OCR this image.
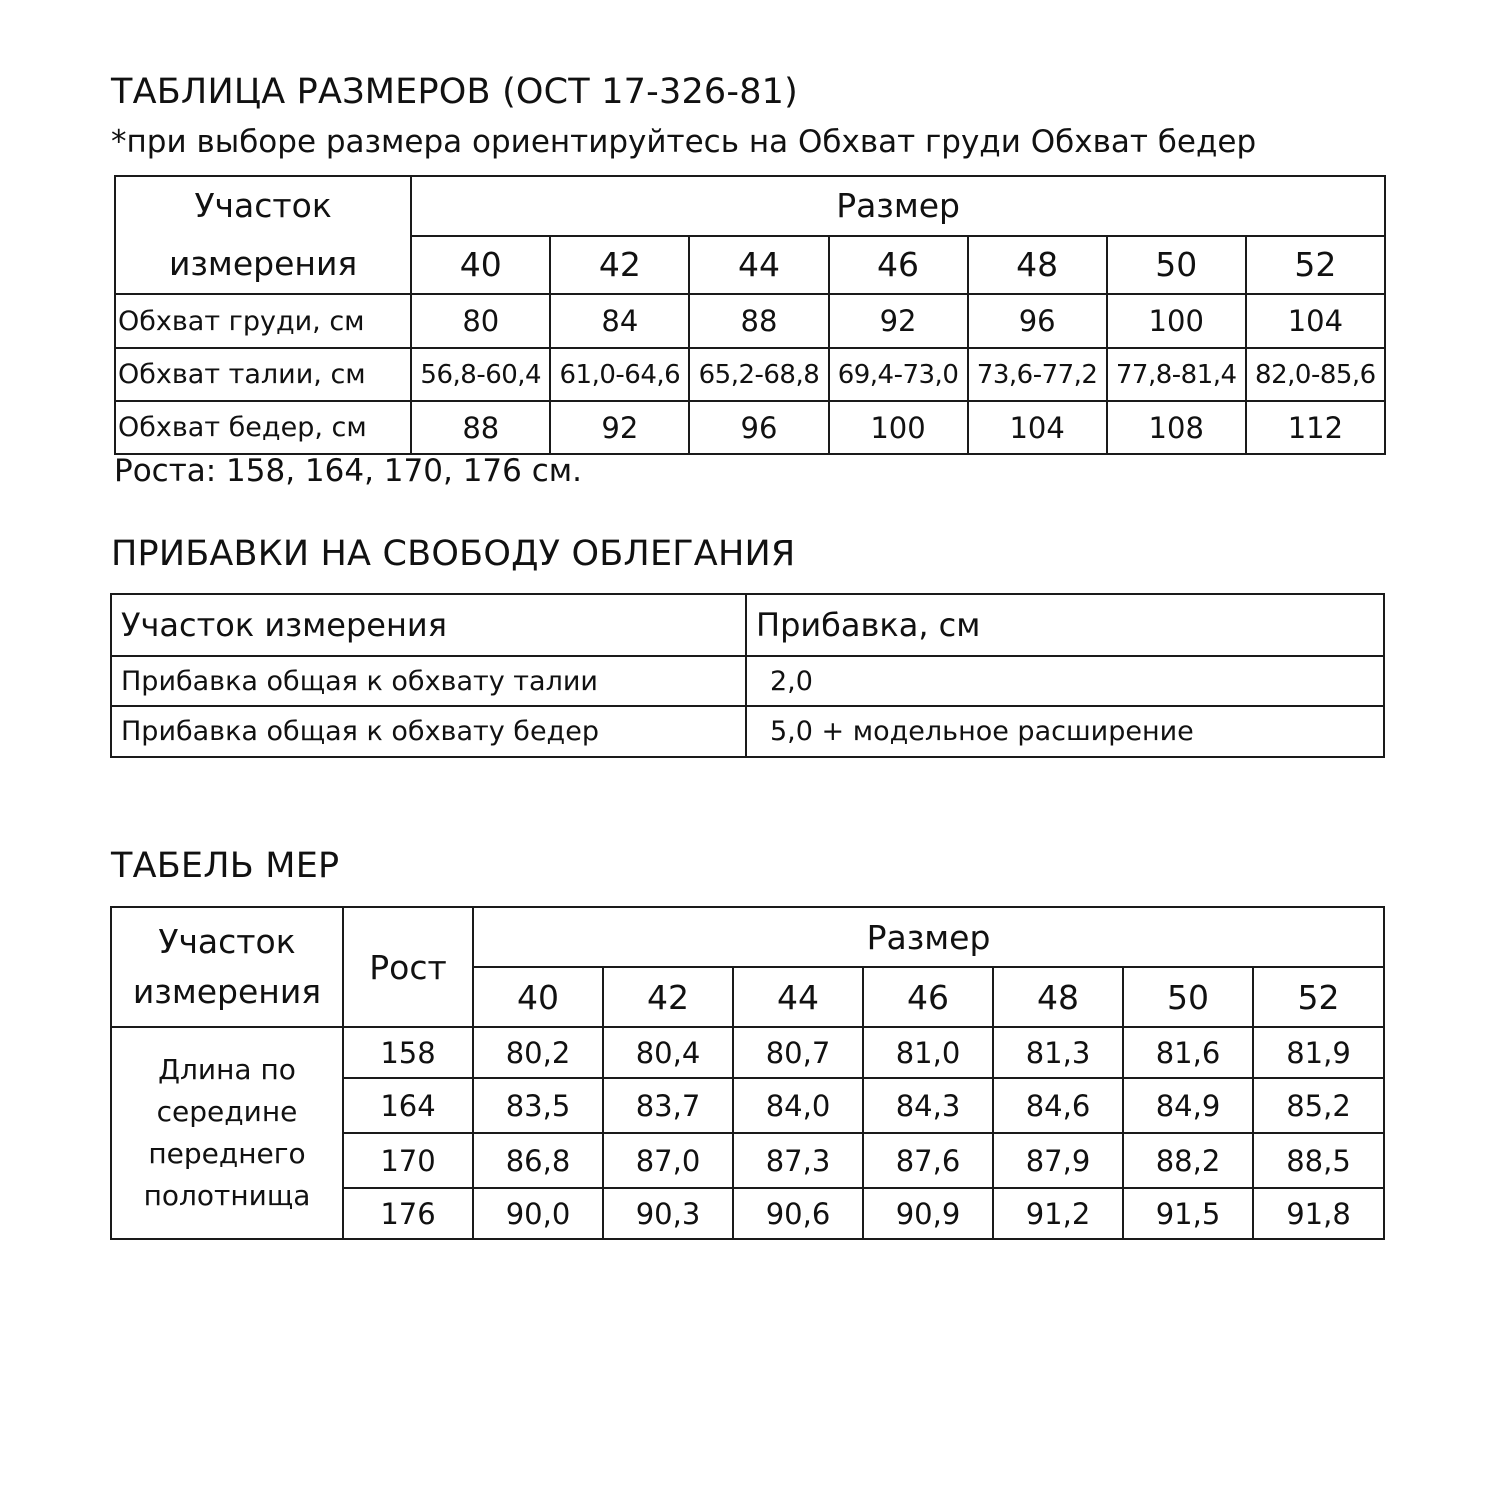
ТАБЛИЦА РАЗМЕРОВ (ОСТ 17-326-81)
*при выборе размера ориентируйтесь на Обхват груди Обхват бедер
Участок
измерения	Размер						
	40	42	44	46	48	50	52
Обхват груди, см	80	84	88	92	96	100	104
Обхват талии, см	56,8-60,4	61,0-64,6	65,2-68,8	69,4-73,0	73,6-77,2	77,8-81,4	82,0-85,6
Обхват бедер, см	88	92	96	100	104	108	112
Роста: 158, 164, 170, 176 см.
ПРИБАВКИ НА СВОБОДУ ОБЛЕГАНИЯ
Участок измерения	Прибавка, см
Прибавка общая к обхвату талии	2,0
Прибавка общая к обхвату бедер	5,0 + модельное расширение
ТАБЕЛЬ МЕР
Участок
измерения	Рост	Размер						
		40	42	44	46	48	50	52
Длина по
середине
переднего
полотнища	158	80,2	80,4	80,7	81,0	81,3	81,6	81,9
	164	83,5	83,7	84,0	84,3	84,6	84,9	85,2
	170	86,8	87,0	87,3	87,6	87,9	88,2	88,5
	176	90,0	90,3	90,6	90,9	91,2	91,5	91,8
